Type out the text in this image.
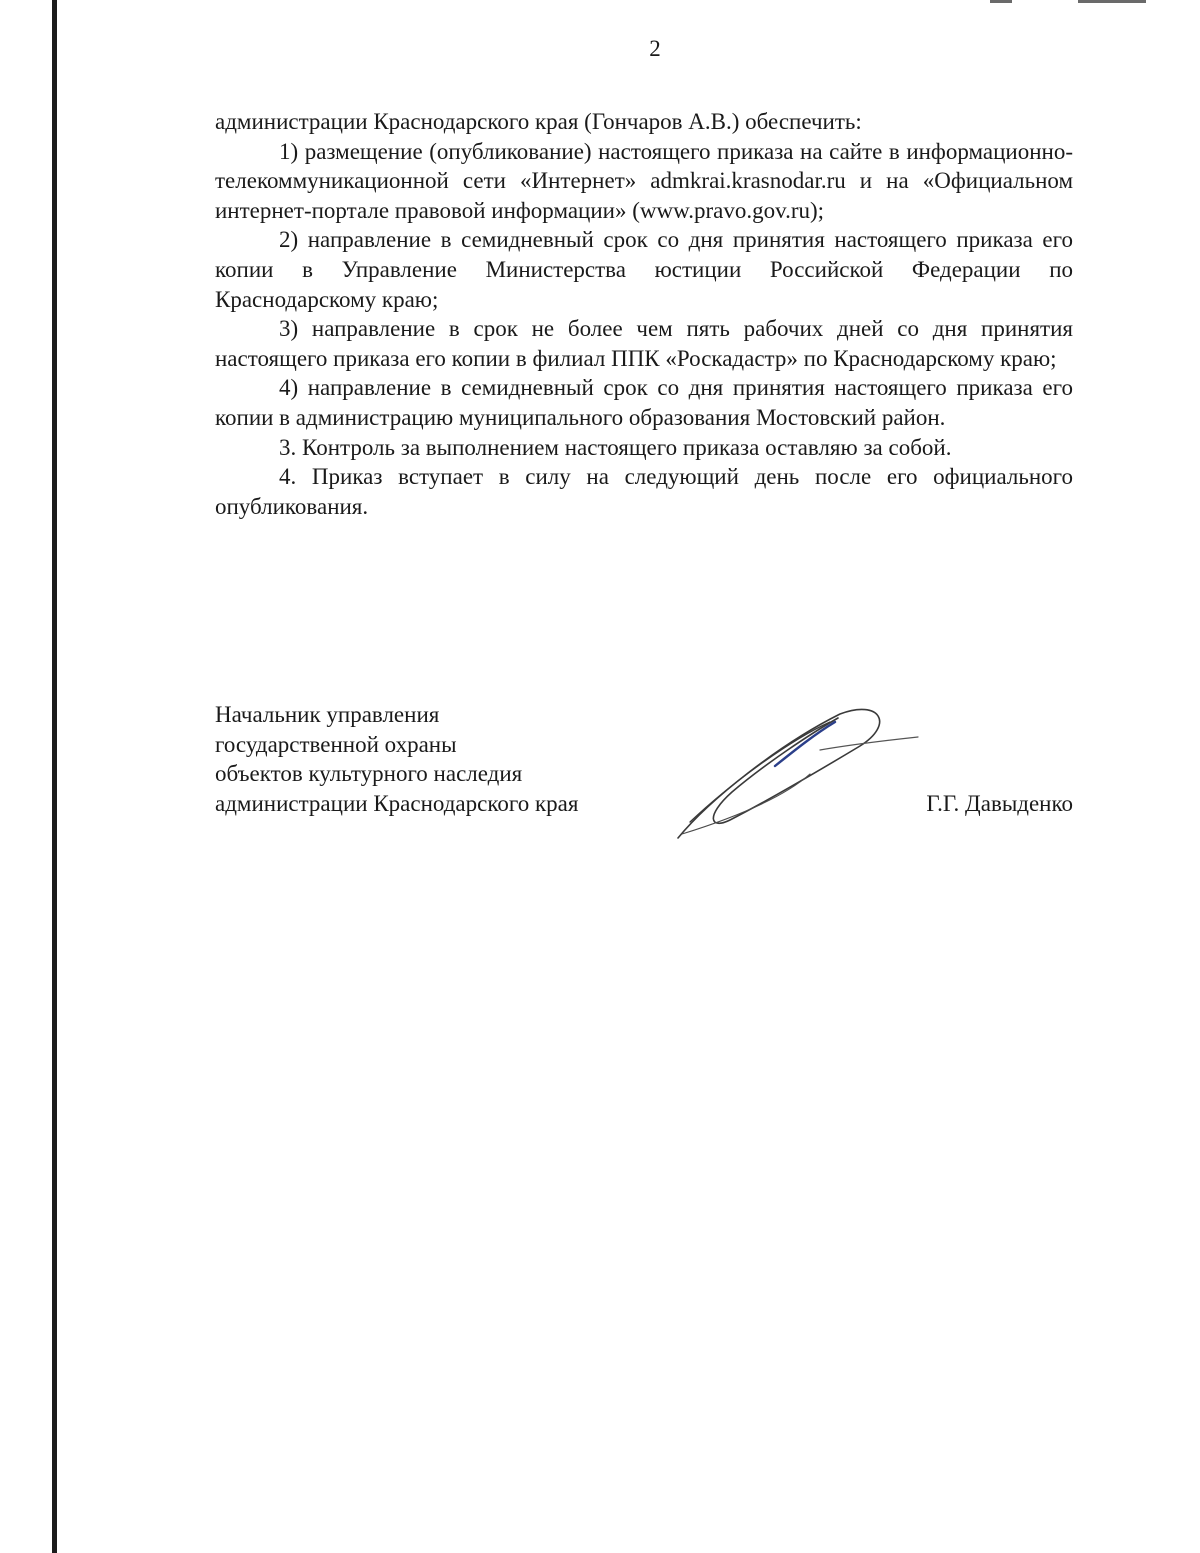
2

администрации Краснодарского края (Гончаров А.В.) обеспечить:

1) размещение (опубликование) настоящего приказа на сайте в информационно-телекоммуникационной сети «Интернет» admkrai.krasnodar.ru и на «Официальном интернет-портале правовой информации» (www.pravo.gov.ru);

2) направление в семидневный срок со дня принятия настоящего приказа его копии в Управление Министерства юстиции Российской Федерации по Краснодарскому краю;

3) направление в срок не более чем пять рабочих дней со дня принятия настоящего приказа его копии в филиал ППК «Роскадастр» по Краснодарскому краю;

4) направление в семидневный срок со дня принятия настоящего приказа его копии в администрацию муниципального образования Мостовский район.

3. Контроль за выполнением настоящего приказа оставляю за собой.

4. Приказ вступает в силу на следующий день после его официального опубликования.

Начальник управления
государственной охраны
объектов культурного наследия
администрации Краснодарского края	Г.Г. Давыденко
